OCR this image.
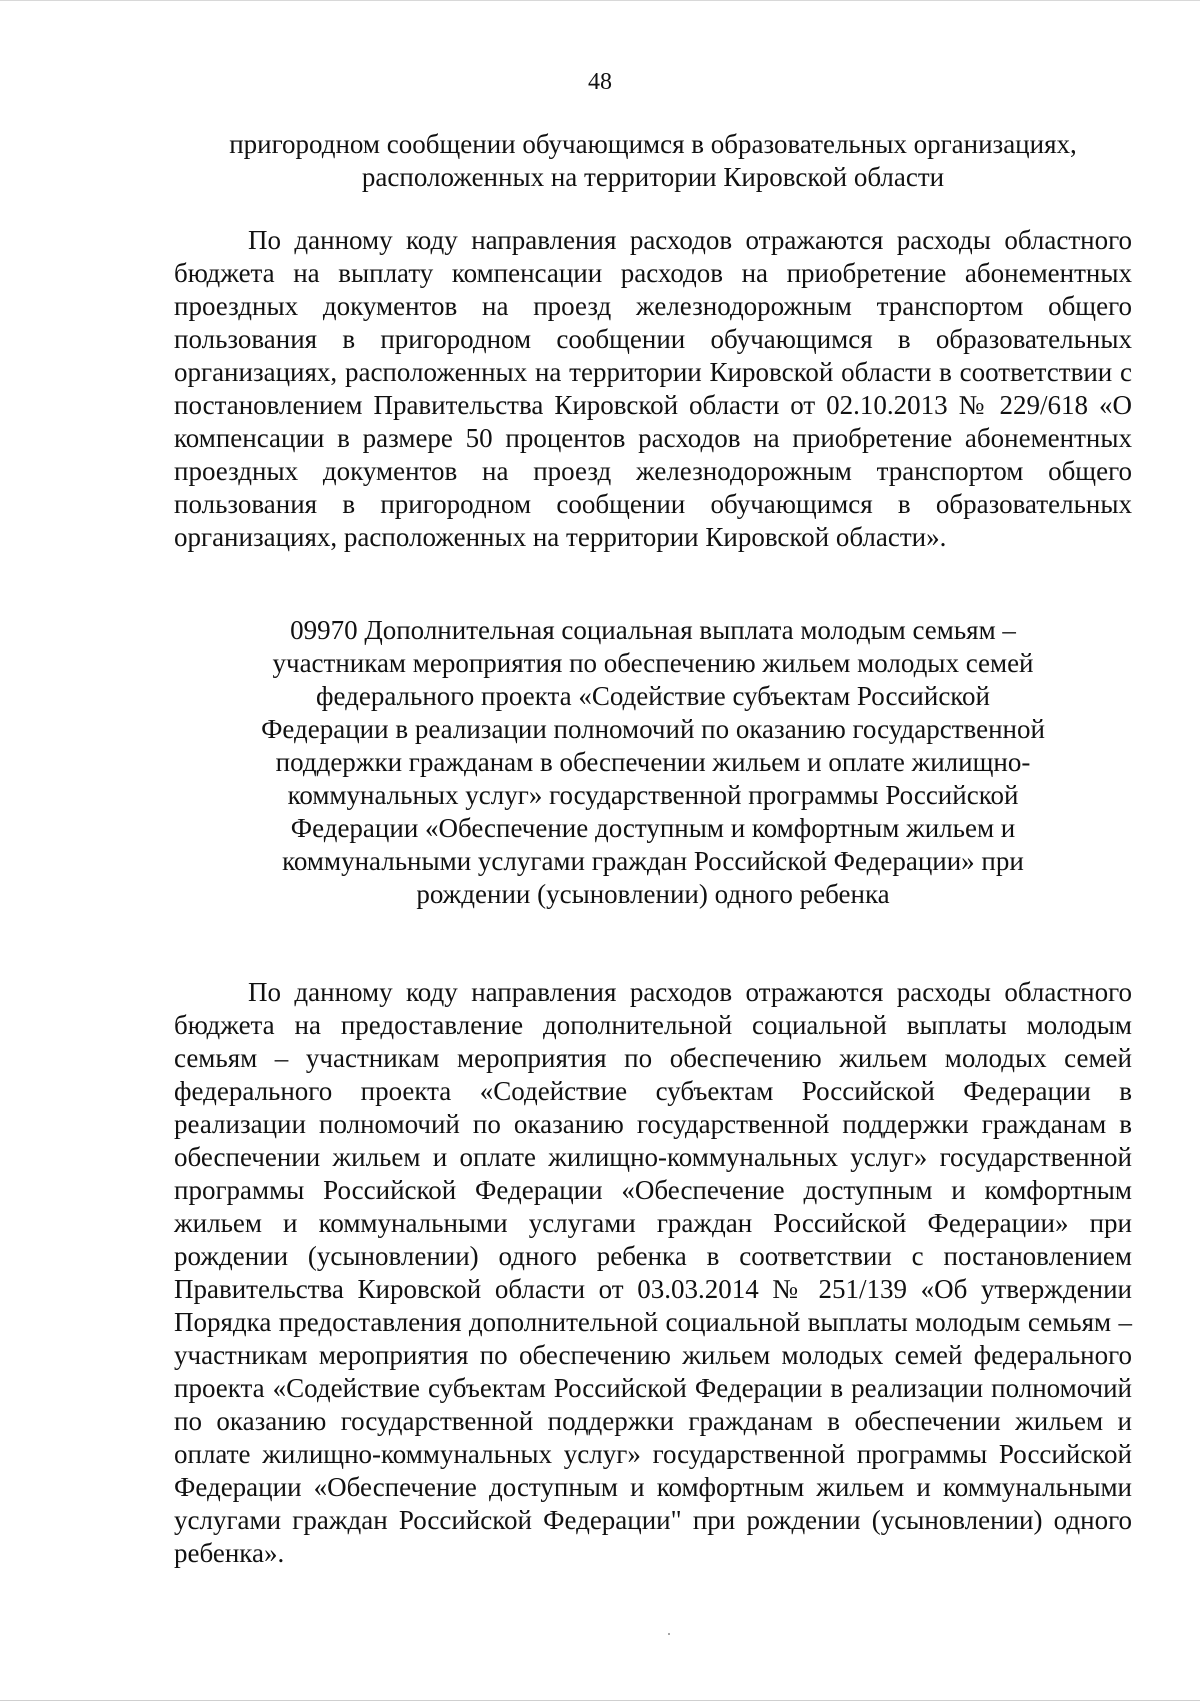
48
пригородном сообщении обучающимся в образовательных организациях, расположенных на территории Кировской области
По данному коду направления расходов отражаются расходы областного бюджета на выплату компенсации расходов на приобретение абонементных проездных документов на проезд железнодорожным транспортом общего пользования в пригородном сообщении обучающимся в образовательных организациях, расположенных на территории Кировской области в соответствии с постановлением Правительства Кировской области от 02.10.2013 № 229/618 «О компенсации в размере 50 процентов расходов на приобретение абонементных проездных документов на проезд железнодорожным транспортом общего пользования в пригородном сообщении обучающимся в образовательных организациях, расположенных на территории Кировской области».
09970 Дополнительная социальная выплата молодым семьям – участникам мероприятия по обеспечению жильем молодых семей федерального проекта «Содействие субъектам Российской Федерации в реализации полномочий по оказанию государственной поддержки гражданам в обеспечении жильем и оплате жилищно-коммунальных услуг» государственной программы Российской Федерации «Обеспечение доступным и комфортным жильем и коммунальными услугами граждан Российской Федерации» при рождении (усыновлении) одного ребенка
По данному коду направления расходов отражаются расходы областного бюджета на предоставление дополнительной социальной выплаты молодым семьям – участникам мероприятия по обеспечению жильем молодых семей федерального проекта «Содействие субъектам Российской Федерации в реализации полномочий по оказанию государственной поддержки гражданам в обеспечении жильем и оплате жилищно-коммунальных услуг» государственной программы Российской Федерации «Обеспечение доступным и комфортным жильем и коммунальными услугами граждан Российской Федерации» при рождении (усыновлении) одного ребенка в соответствии с постановлением Правительства Кировской области от 03.03.2014 № 251/139 «Об утверждении Порядка предоставления дополнительной социальной выплаты молодым семьям – участникам мероприятия по обеспечению жильем молодых семей федерального проекта «Содействие субъектам Российской Федерации в реализации полномочий по оказанию государственной поддержки гражданам в обеспечении жильем и оплате жилищно-коммунальных услуг» государственной программы Российской Федерации «Обеспечение доступным и комфортным жильем и коммунальными услугами граждан Российской Федерации" при рождении (усыновлении) одного ребенка».
